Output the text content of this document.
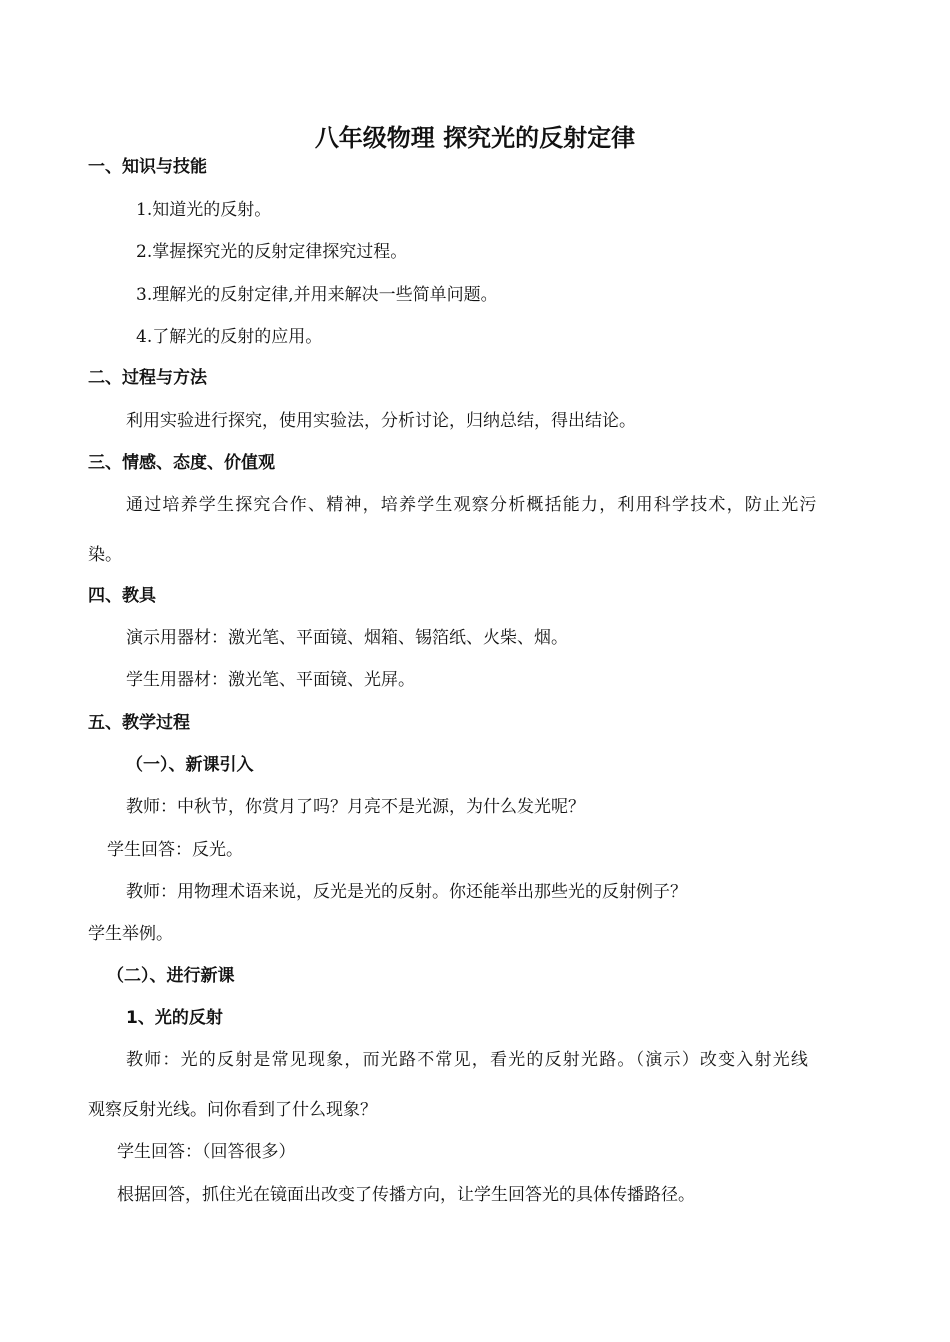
八年级物理 探究光的反射定律
一、知识与技能
1.知道光的反射。
2.掌握探究光的反射定律探究过程。
3.理解光的反射定律,并用来解决一些简单问题。
4.了解光的反射的应用。
二、过程与方法
利用实验进行探究，使用实验法，分析讨论，归纳总结，得出结论。
三、情感、态度、价值观
通过培养学生探究合作、精神，培养学生观察分析概括能力，利用科学技术，防止光污
染。
四、教具
演示用器材：激光笔、平面镜、烟箱、锡箔纸、火柴、烟。
学生用器材：激光笔、平面镜、光屏。
五、教学过程
（一）、新课引入
教师：中秋节，你赏月了吗？月亮不是光源，为什么发光呢？
学生回答：反光。
教师：用物理术语来说，反光是光的反射。你还能举出那些光的反射例子？
学生举例。
（二）、进行新课
1、光的反射
教师：光的反射是常见现象，而光路不常见，看光的反射光路。（演示）改变入射光线
观察反射光线。问你看到了什么现象？
学生回答：（回答很多）
根据回答，抓住光在镜面出改变了传播方向，让学生回答光的具体传播路径。
